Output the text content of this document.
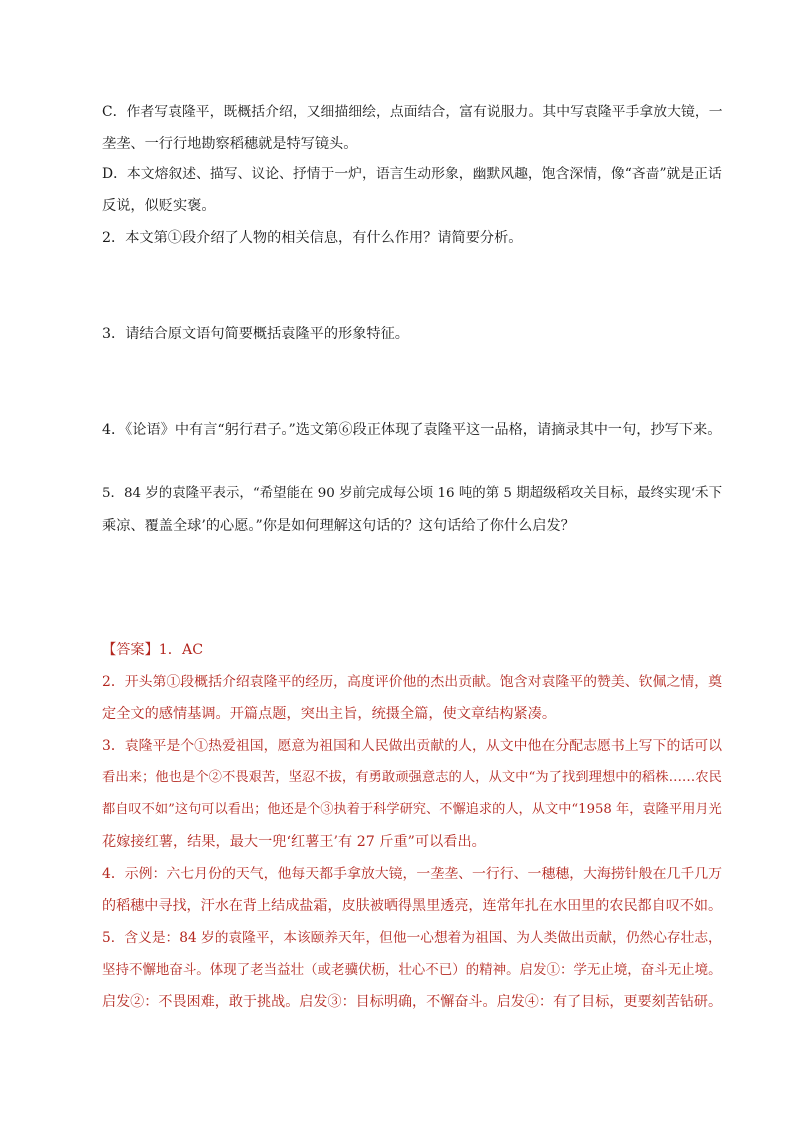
C．作者写袁隆平，既概括介绍，又细描细绘，点面结合，富有说服力。其中写袁隆平手拿放大镜，一
垄垄、一行行地勘察稻穗就是特写镜头。
D．本文熔叙述、描写、议论、抒情于一炉，语言生动形象，幽默风趣，饱含深情，像“吝啬”就是正话
反说，似贬实褒。
2．本文第①段介绍了人物的相关信息，有什么作用？请简要分析。
3．请结合原文语句简要概括袁隆平的形象特征。
4．《论语》中有言“躬行君子。”选文第⑥段正体现了袁隆平这一品格，请摘录其中一句，抄写下来。
5．84 岁的袁隆平表示，“希望能在 90 岁前完成每公顷 16 吨的第 5 期超级稻攻关目标，最终实现‘禾下
乘凉、覆盖全球’的心愿。”你是如何理解这句话的？这句话给了你什么启发？
【答案】1．AC
2．开头第①段概括介绍袁隆平的经历，高度评价他的杰出贡献。饱含对袁隆平的赞美、钦佩之情，奠
定全文的感情基调。开篇点题，突出主旨，统摄全篇，使文章结构紧凑。
3．袁隆平是个①热爱祖国，愿意为祖国和人民做出贡献的人，从文中他在分配志愿书上写下的话可以
看出来；他也是个②不畏艰苦，坚忍不拔，有勇敢顽强意志的人，从文中“为了找到理想中的稻株……农民
都自叹不如”这句可以看出；他还是个③执着于科学研究、不懈追求的人，从文中“1958 年，袁隆平用月光
花嫁接红薯，结果，最大一兜‘红薯王’有 27 斤重”可以看出。
4．示例：六七月份的天气，他每天都手拿放大镜，一垄垄、一行行、一穗穗，大海捞针般在几千几万
的稻穗中寻找，汗水在背上结成盐霜，皮肤被晒得黑里透亮，连常年扎在水田里的农民都自叹不如。
5．含义是：84 岁的袁隆平，本该颐养天年，但他一心想着为祖国、为人类做出贡献，仍然心存壮志，
坚持不懈地奋斗。体现了老当益壮（或老骥伏枥，壮心不已）的精神。启发①：学无止境，奋斗无止境。
启发②：不畏困难，敢于挑战。启发③：目标明确，不懈奋斗。启发④：有了目标，更要刻苦钻研。
